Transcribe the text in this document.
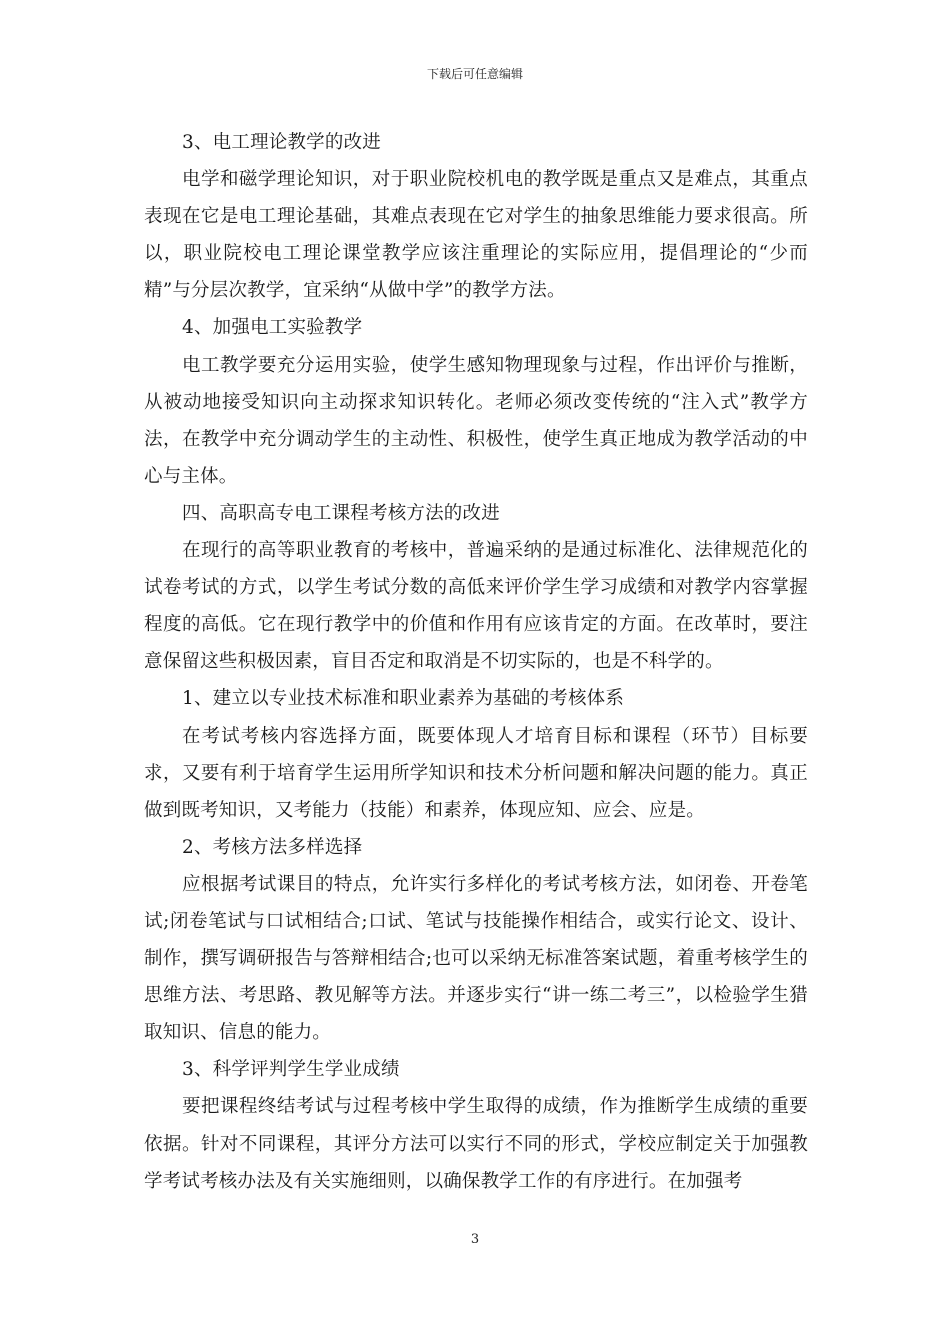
下载后可任意编辑

3、电工理论教学的改进

电学和磁学理论知识，对于职业院校机电的教学既是重点又是难点，其重点表现在它是电工理论基础，其难点表现在它对学生的抽象思维能力要求很高。所以，职业院校电工理论课堂教学应该注重理论的实际应用，提倡理论的“少而精”与分层次教学，宜采纳“从做中学”的教学方法。

4、加强电工实验教学

电工教学要充分运用实验，使学生感知物理现象与过程，作出评价与推断，从被动地接受知识向主动探求知识转化。老师必须改变传统的“注入式”教学方法，在教学中充分调动学生的主动性、积极性，使学生真正地成为教学活动的中心与主体。

四、高职高专电工课程考核方法的改进

在现行的高等职业教育的考核中，普遍采纳的是通过标准化、法律规范化的试卷考试的方式，以学生考试分数的高低来评价学生学习成绩和对教学内容掌握程度的高低。它在现行教学中的价值和作用有应该肯定的方面。在改革时，要注意保留这些积极因素，盲目否定和取消是不切实际的，也是不科学的。

1、建立以专业技术标准和职业素养为基础的考核体系

在考试考核内容选择方面，既要体现人才培育目标和课程（环节）目标要求，又要有利于培育学生运用所学知识和技术分析问题和解决问题的能力。真正做到既考知识，又考能力（技能）和素养，体现应知、应会、应是。

2、考核方法多样选择

应根据考试课目的特点，允许实行多样化的考试考核方法，如闭卷、开卷笔试;闭卷笔试与口试相结合;口试、笔试与技能操作相结合，或实行论文、设计、制作，撰写调研报告与答辩相结合;也可以采纳无标准答案试题，着重考核学生的思维方法、考思路、教见解等方法。并逐步实行“讲一练二考三”，以检验学生猎取知识、信息的能力。

3、科学评判学生学业成绩

要把课程终结考试与过程考核中学生取得的成绩，作为推断学生成绩的重要依据。针对不同课程，其评分方法可以实行不同的形式，学校应制定关于加强教学考试考核办法及有关实施细则，以确保教学工作的有序进行。在加强考

3
